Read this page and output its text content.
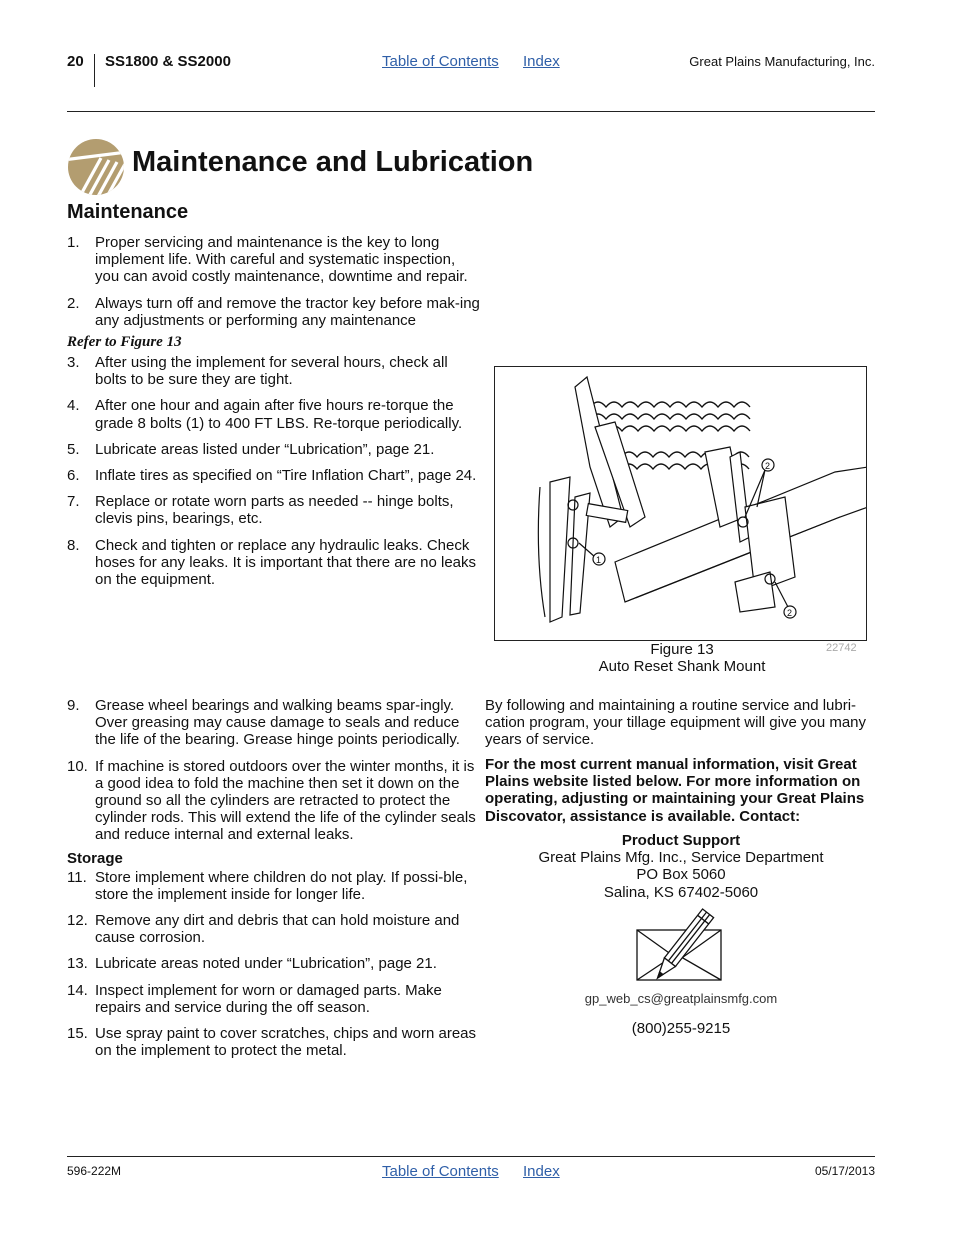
20 SS1800 & SS2000	Table of Contents Index	Great Plains Manufacturing, Inc.
Maintenance and Lubrication
Maintenance
1.	Proper servicing and maintenance is the key to long implement life. With careful and systematic inspection, you can avoid costly maintenance, downtime and repair.
2.	Always turn off and remove the tractor key before mak-ing any adjustments or performing any maintenance
Refer to Figure 13
3.	After using the implement for several hours, check all bolts to be sure they are tight.
4.	After one hour and again after five hours re-torque the grade 8 bolts (1) to 400 FT LBS. Re-torque periodically.
5.	Lubricate areas listed under “Lubrication”, page 21.
6.	Inflate tires as specified on “Tire Inflation Chart”, page 24.
7.	Replace or rotate worn parts as needed -- hinge bolts, clevis pins, bearings, etc.
8.	Check and tighten or replace any hydraulic leaks. Check hoses for any leaks. It is important that there are no leaks on the equipment.
1
2
2
Figure 13
Auto Reset Shank Mount
22742
9.	Grease wheel bearings and walking beams spar-ingly. Over greasing may cause damage to seals and reduce the life of the bearing. Grease hinge points periodically.
10. If machine is stored outdoors over the winter months, it is a good idea to fold the machine then set it down on the ground so all the cylinders are retracted to protect the cylinder rods. This will extend the life of the cylinder seals and reduce internal and external leaks.
Storage
11. Store implement where children do not play. If possi-ble, store the implement inside for longer life.
12. Remove any dirt and debris that can hold moisture and cause corrosion.
13. Lubricate areas noted under “Lubrication”, page 21.
14. Inspect implement for worn or damaged parts. Make repairs and service during the off season.
15. Use spray paint to cover scratches, chips and worn areas on the implement to protect the metal.
By following and maintaining a routine service and lubri-cation program, your tillage equipment will give you many years of service.
For the most current manual information, visit Great Plains website listed below. For more information on operating, adjusting or maintaining your Great Plains Discovator, assistance is available. Contact:
Product Support
Great Plains Mfg. Inc., Service Department
PO Box 5060
Salina, KS 67402-5060
gp_web_cs@greatplainsmfg.com
(800)255-9215
596-222M	Table of Contents Index	05/17/2013
